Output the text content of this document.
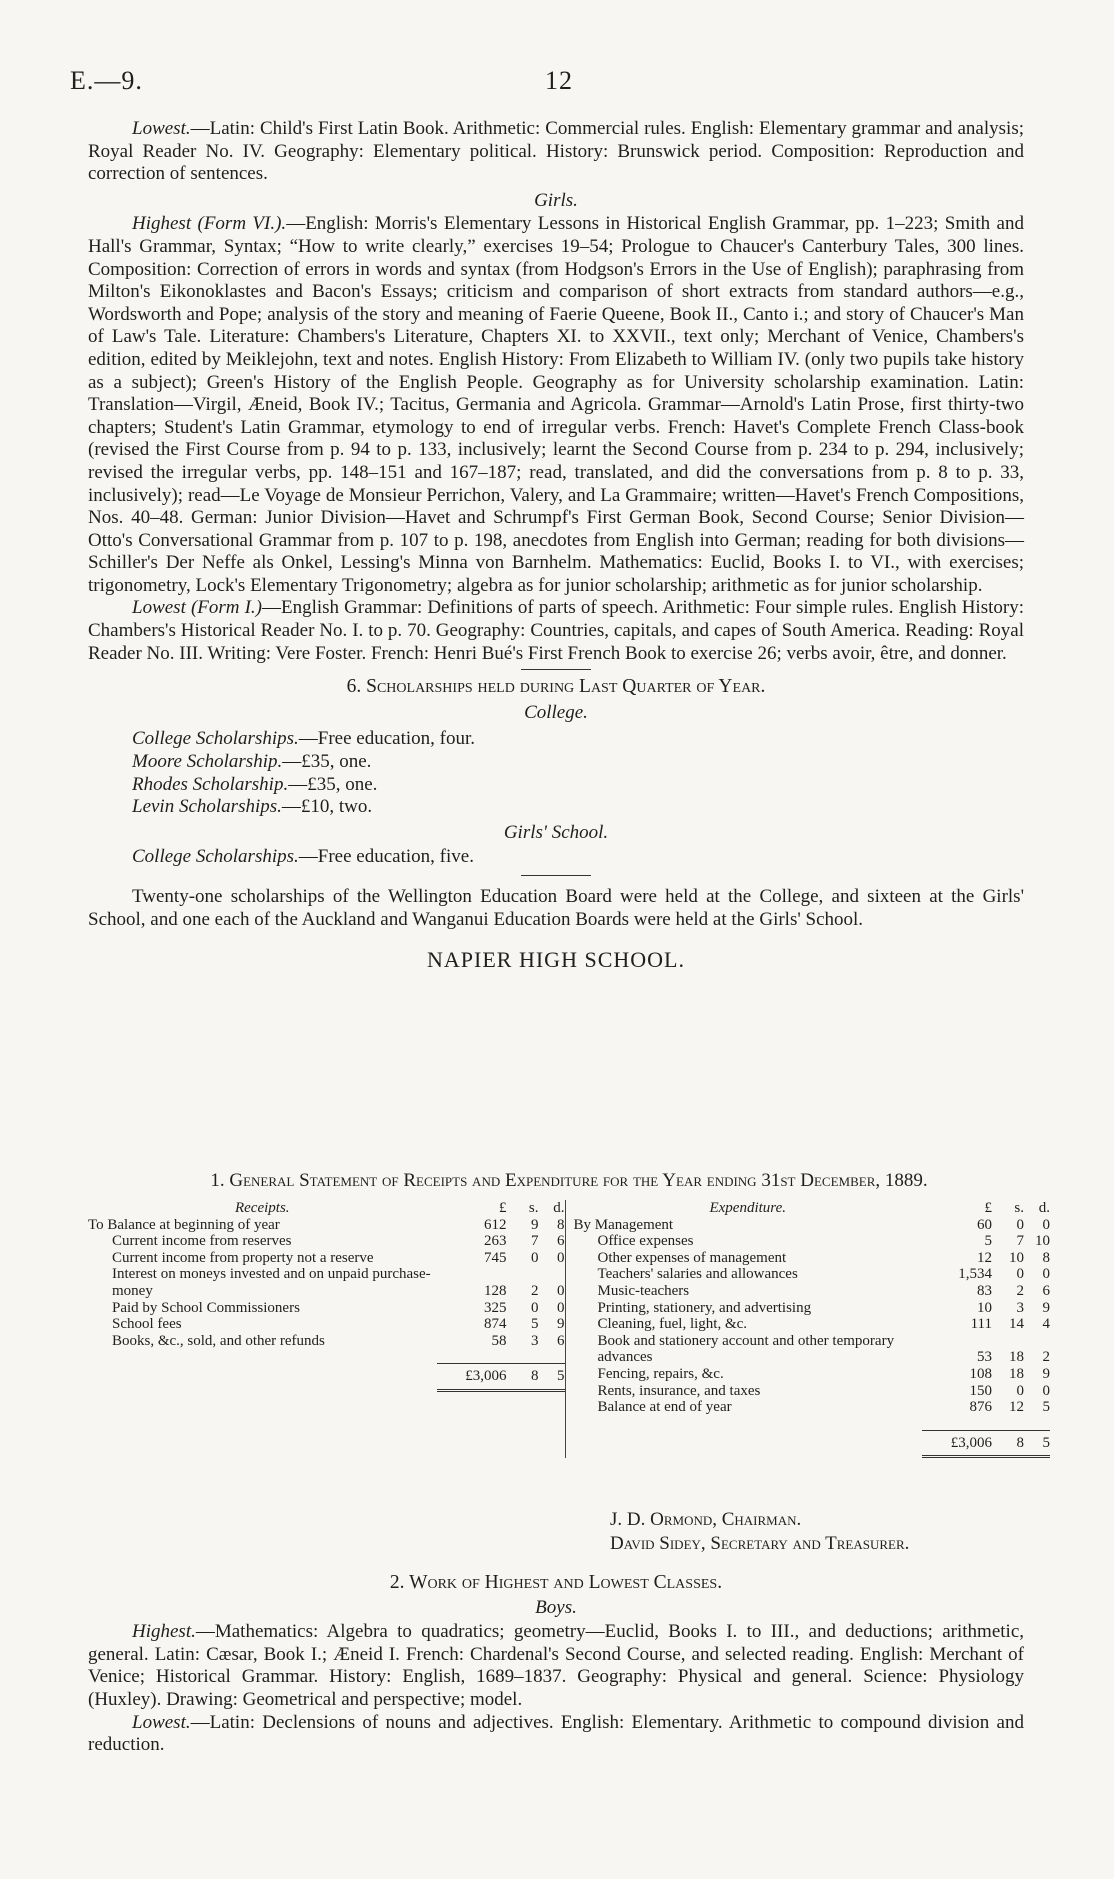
E.—9.	12

Lowest.—Latin: Child's First Latin Book. Arithmetic: Commercial rules. English: Elementary grammar and analysis; Royal Reader No. IV. Geography: Elementary political. History: Brunswick period. Composition: Reproduction and correction of sentences.

Girls.

Highest (Form VI.).—English: Morris's Elementary Lessons in Historical English Grammar, pp. 1–223; Smith and Hall's Grammar, Syntax; “How to write clearly,” exercises 19–54; Prologue to Chaucer's Canterbury Tales, 300 lines. Composition: Correction of errors in words and syntax (from Hodgson's Errors in the Use of English); paraphrasing from Milton's Eikonoklastes and Bacon's Essays; criticism and comparison of short extracts from standard authors—e.g., Wordsworth and Pope; analysis of the story and meaning of Faerie Queene, Book II., Canto i.; and story of Chaucer's Man of Law's Tale. Literature: Chambers's Literature, Chapters XI. to XXVII., text only; Merchant of Venice, Chambers's edition, edited by Meiklejohn, text and notes. English History: From Elizabeth to William IV. (only two pupils take history as a subject); Green's History of the English People. Geography as for University scholarship examination. Latin: Translation—Virgil, Æneid, Book IV.; Tacitus, Germania and Agricola. Grammar—Arnold's Latin Prose, first thirty-two chapters; Student's Latin Grammar, etymology to end of irregular verbs. French: Havet's Complete French Class-book (revised the First Course from p. 94 to p. 133, inclusively; learnt the Second Course from p. 234 to p. 294, inclusively; revised the irregular verbs, pp. 148–151 and 167–187; read, translated, and did the conversations from p. 8 to p. 33, inclusively); read—Le Voyage de Monsieur Perrichon, Valery, and La Grammaire; written—Havet's French Compositions, Nos. 40–48. German: Junior Division—Havet and Schrumpf's First German Book, Second Course; Senior Division—Otto's Conversational Grammar from p. 107 to p. 198, anecdotes from English into German; reading for both divisions—Schiller's Der Neffe als Onkel, Lessing's Minna von Barnhelm. Mathematics: Euclid, Books I. to VI., with exercises; trigonometry, Lock's Elementary Trigonometry; algebra as for junior scholarship; arithmetic as for junior scholarship.

Lowest (Form I.)—English Grammar: Definitions of parts of speech. Arithmetic: Four simple rules. English History: Chambers's Historical Reader No. I. to p. 70. Geography: Countries, capitals, and capes of South America. Reading: Royal Reader No. III. Writing: Vere Foster. French: Henri Bué's First French Book to exercise 26; verbs avoir, être, and donner.

6. Scholarships held during Last Quarter of Year.

College.

College Scholarships.—Free education, four.
Moore Scholarship.—£35, one.
Rhodes Scholarship.—£35, one.
Levin Scholarships.—£10, two.

Girls' School.

College Scholarships.—Free education, five.

Twenty-one scholarships of the Wellington Education Board were held at the College, and sixteen at the Girls' School, and one each of the Auckland and Wanganui Education Boards were held at the Girls' School.

NAPIER HIGH SCHOOL.

1. General Statement of Receipts and Expenditure for the Year ending 31st December, 1889.
Receipts.	£	s. d.
To Balance at beginning of year	612	9	8
Current income from reserves	263	7	6
Current income from property not a reserve	745	0	0
Interest on moneys invested and on unpaid purchase-money	128	2	0
Paid by School Commissioners	325	0	0
School fees	874	5	9
Books, &c., sold, and other refunds	58	3	6
£3,006	8	5
Expenditure.	£	s. d.
By Management	60	0	0
Office expenses	5	7 10
Other expenses of management	12	10	8
Teachers' salaries and allowances	1,534	0	0
Music-teachers	83	2	6
Printing, stationery, and advertising	10	3	9
Cleaning, fuel, light, &c.	111	14	4
Book and stationery account and other temporary advances	53	18	2
Fencing, repairs, &c.	108	18	9
Rents, insurance, and taxes	150	0	0
Balance at end of year	876	12	5
£3,006	8	5
J. D. Ormond, Chairman.
David Sidey, Secretary and Treasurer.

2. Work of Highest and Lowest Classes.

Boys.

Highest.—Mathematics: Algebra to quadratics; geometry—Euclid, Books I. to III., and deductions; arithmetic, general. Latin: Cæsar, Book I.; Æneid I. French: Chardenal's Second Course, and selected reading. English: Merchant of Venice; Historical Grammar. History: English, 1689–1837. Geography: Physical and general. Science: Physiology (Huxley). Drawing: Geometrical and perspective; model.

Lowest.—Latin: Declensions of nouns and adjectives. English: Elementary. Arithmetic to compound division and reduction.
